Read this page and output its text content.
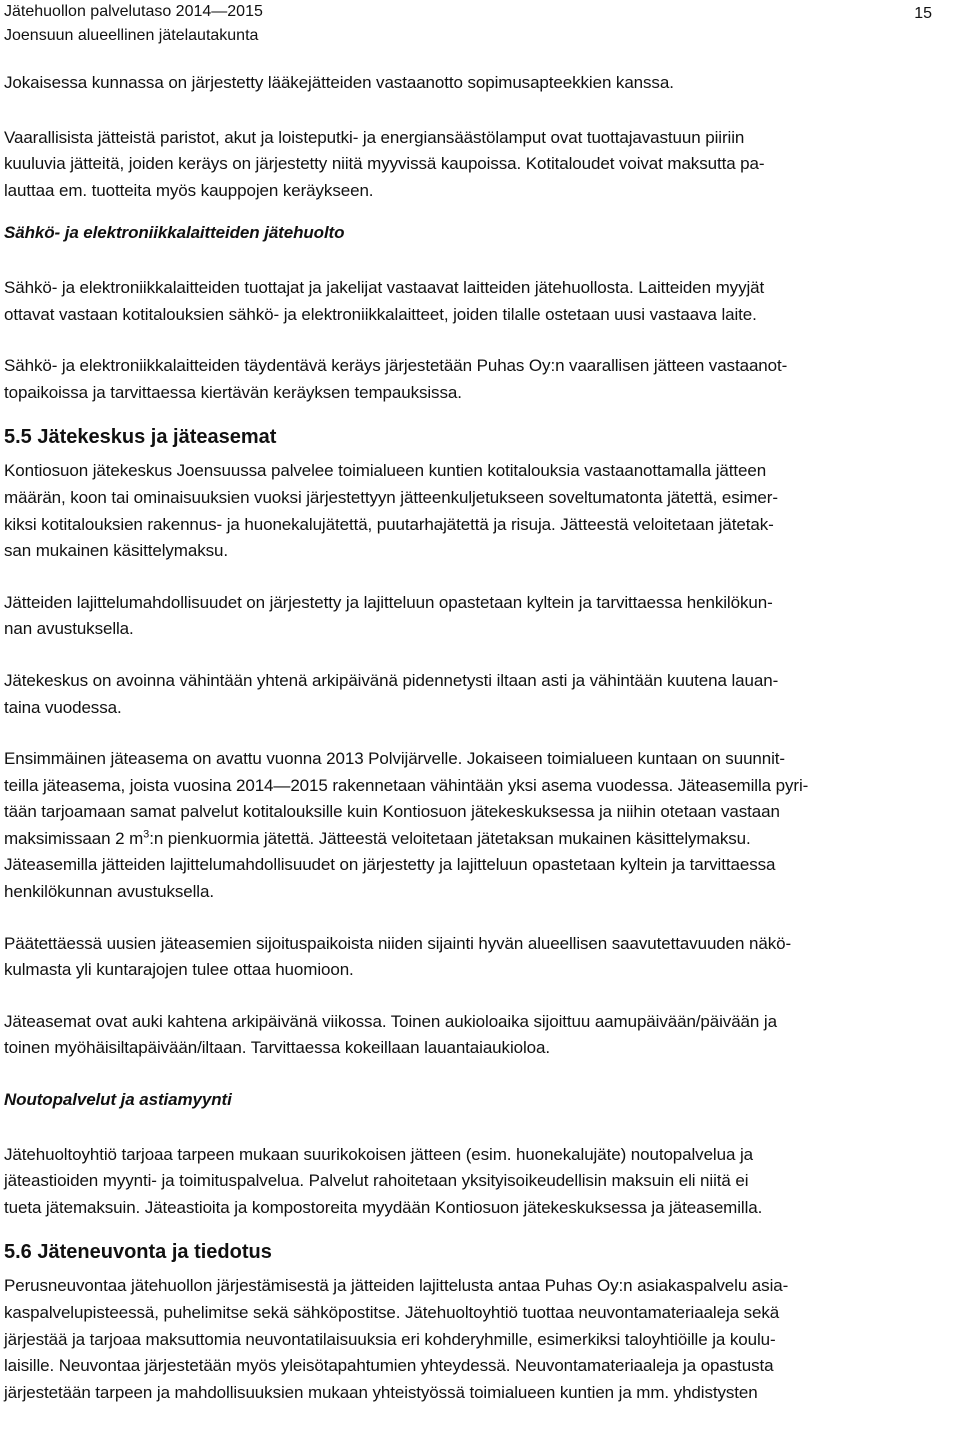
Jätehuollon palvelutaso 2014—2015
Joensuun alueellinen jätelautakunta
15

Jokaisessa kunnassa on järjestetty lääkejätteiden vastaanotto sopimusapteekkien kanssa.

Vaarallisista jätteistä paristot, akut ja loisteputki- ja energiansäästölamput ovat tuottajavastuun piiriin
kuuluvia jätteitä, joiden keräys on järjestetty niitä myyvissä kaupoissa. Kotitaloudet voivat maksutta pa-
lauttaa em. tuotteita myös kauppojen keräykseen.

Sähkö- ja elektroniikkalaitteiden jätehuolto

Sähkö- ja elektroniikkalaitteiden tuottajat ja jakelijat vastaavat laitteiden jätehuollosta. Laitteiden myyjät
ottavat vastaan kotitalouksien sähkö- ja elektroniikkalaitteet, joiden tilalle ostetaan uusi vastaava laite.

Sähkö- ja elektroniikkalaitteiden täydentävä keräys järjestetään Puhas Oy:n vaarallisen jätteen vastaanot-
topaikoissa ja tarvittaessa kiertävän keräyksen tempauksissa.

5.5 Jätekeskus ja jäteasemat

Kontiosuon jätekeskus Joensuussa palvelee toimialueen kuntien kotitalouksia vastaanottamalla jätteen
määrän, koon tai ominaisuuksien vuoksi järjestettyyn jätteenkuljetukseen soveltumatonta jätettä, esimer-
kiksi kotitalouksien rakennus- ja huonekalujätettä, puutarhajätettä ja risuja. Jätteestä veloitetaan jätetak-
san mukainen käsittelymaksu.

Jätteiden lajittelumahdollisuudet on järjestetty ja lajitteluun opastetaan kyltein ja tarvittaessa henkilökun-
nan avustuksella.

Jätekeskus on avoinna vähintään yhtenä arkipäivänä pidennetysti iltaan asti ja vähintään kuutena lauan-
taina vuodessa.

Ensimmäinen jäteasema on avattu vuonna 2013 Polvijärvelle. Jokaiseen toimialueen kuntaan on suunnit-
teilla jäteasema, joista vuosina 2014—2015 rakennetaan vähintään yksi asema vuodessa. Jäteasemilla pyri-
tään tarjoamaan samat palvelut kotitalouksille kuin Kontiosuon jätekeskuksessa ja niihin otetaan vastaan
maksimissaan 2 $m^3:n$ pienkuormia jätettä. Jätteestä veloitetaan jätetaksan mukainen käsittelymaksu.
Jäteasemilla jätteiden lajittelumahdollisuudet on järjestetty ja lajitteluun opastetaan kyltein ja tarvittaessa
henkilökunnan avustuksella.

Päätettäessä uusien jäteasemien sijoituspaikoista niiden sijainti hyvän alueellisen saavutettavuuden näkö-
kulmasta yli kuntarajojen tulee ottaa huomioon.

Jäteasemat ovat auki kahtena arkipäivänä viikossa. Toinen aukioloaika sijoittuu aamupäivään/päivään ja
toinen myöhäisiltapäivään/iltaan. Tarvittaessa kokeillaan lauantaiaukioloa.

Noutopalvelut ja astiamyynti

Jätehuoltoyhtiö tarjoaa tarpeen mukaan suurikokoisen jätteen (esim. huonekalujäte) noutopalvelua ja
jäteastioiden myynti- ja toimituspalvelua. Palvelut rahoitetaan yksityisoikeudellisin maksuin eli niitä ei
tueta jätemaksuin. Jäteastioita ja kompostoreita myydään Kontiosuon jätekeskuksessa ja jäteasemilla.

5.6 Jäteneuvonta ja tiedotus

Perusneuvontaa jätehuollon järjestämisestä ja jätteiden lajittelusta antaa Puhas Oy:n asiakaspalvelu asia-
kaspalvelupisteessä, puhelimitse sekä sähköpostitse. Jätehuoltoyhtiö tuottaa neuvontamateriaaleja sekä
järjestää ja tarjoaa maksuttomia neuvontatilaisuuksia eri kohderyhmille, esimerkiksi taloyhtiöille ja koulu-
laisille. Neuvontaa järjestetään myös yleisötapahtumien yhteydessä. Neuvontamateriaaleja ja opastusta
järjestetään tarpeen ja mahdollisuuksien mukaan yhteistyössä toimialueen kuntien ja mm. yhdistysten
